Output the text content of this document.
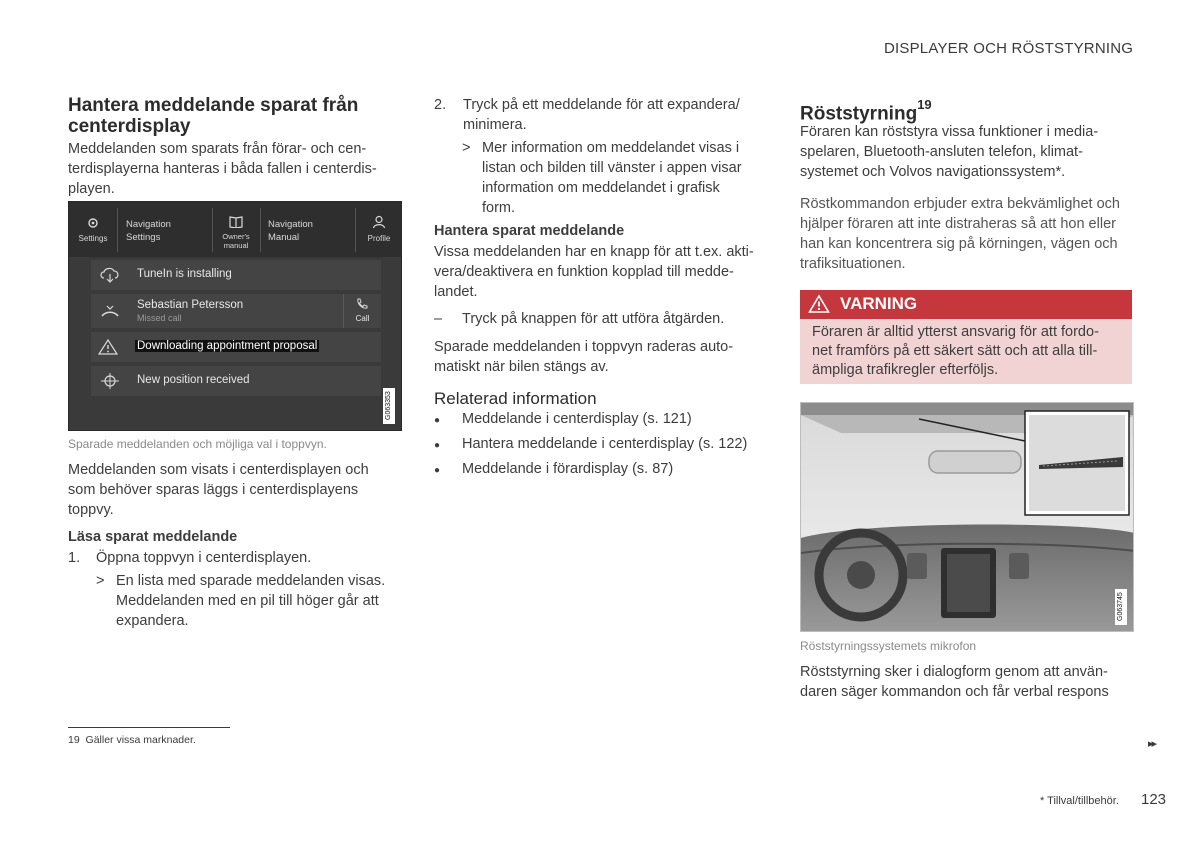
DISPLAYER OCH RÖSTSTYRNING
Hantera meddelande sparat från
centerdisplay
Meddelanden som sparats från förar- och cen-
terdisplayerna hanteras i båda fallen i centerdis-
playen.
Settings
Navigation
Settings	Owner's
manual
Navigation
Manual	Profile
TuneIn is installing
Sebastian Petersson
Missed call	Call
Downloading appointment proposal
New position received
G063353
Sparade meddelanden och möjliga val i toppvyn.
Meddelanden som visats i centerdisplayen och
som behöver sparas läggs i centerdisplayens
toppvy.
Läsa sparat meddelande
1. Öppna toppvyn i centerdisplayen.
> En lista med sparade meddelanden visas.
Meddelanden med en pil till höger går att
expandera.
2.	Tryck på ett meddelande för att expandera/
minimera.
> Mer information om meddelandet visas i
listan och bilden till vänster i appen visar
information om meddelandet i grafisk
form.
Hantera sparat meddelande
Vissa meddelanden har en knapp för att t.ex. akti-
vera/deaktivera en funktion kopplad till medde-
landet.
– Tryck på knappen för att utföra åtgärden.
Sparade meddelanden i toppvyn raderas auto-
matiskt när bilen stängs av.
Relaterad information
● Meddelande i centerdisplay (s. 121)
● Hantera meddelande i centerdisplay (s. 122)
● Meddelande i förardisplay (s. 87)
Röststyrning$^{19}$
Föraren kan röststyra vissa funktioner i media-
spelaren, Bluetooth-ansluten telefon, klimat-
systemet och Volvos navigationssystem*.
Röstkommandon erbjuder extra bekvämlighet och
hjälper föraren att inte distraheras så att hon eller
han kan koncentrera sig på körningen, vägen och
trafiksituationen.
VARNING
Föraren är alltid ytterst ansvarig för att fordo-
net framförs på ett säkert sätt och att alla till-
ämpliga trafikregler efterföljs.
G063745
Röststyrningssystemets mikrofon
Röststyrning sker i dialogform genom att använ-
daren säger kommandon och får verbal respons
19 Gäller vissa marknader.	▸▸
* Tillval/tillbehör. 123
